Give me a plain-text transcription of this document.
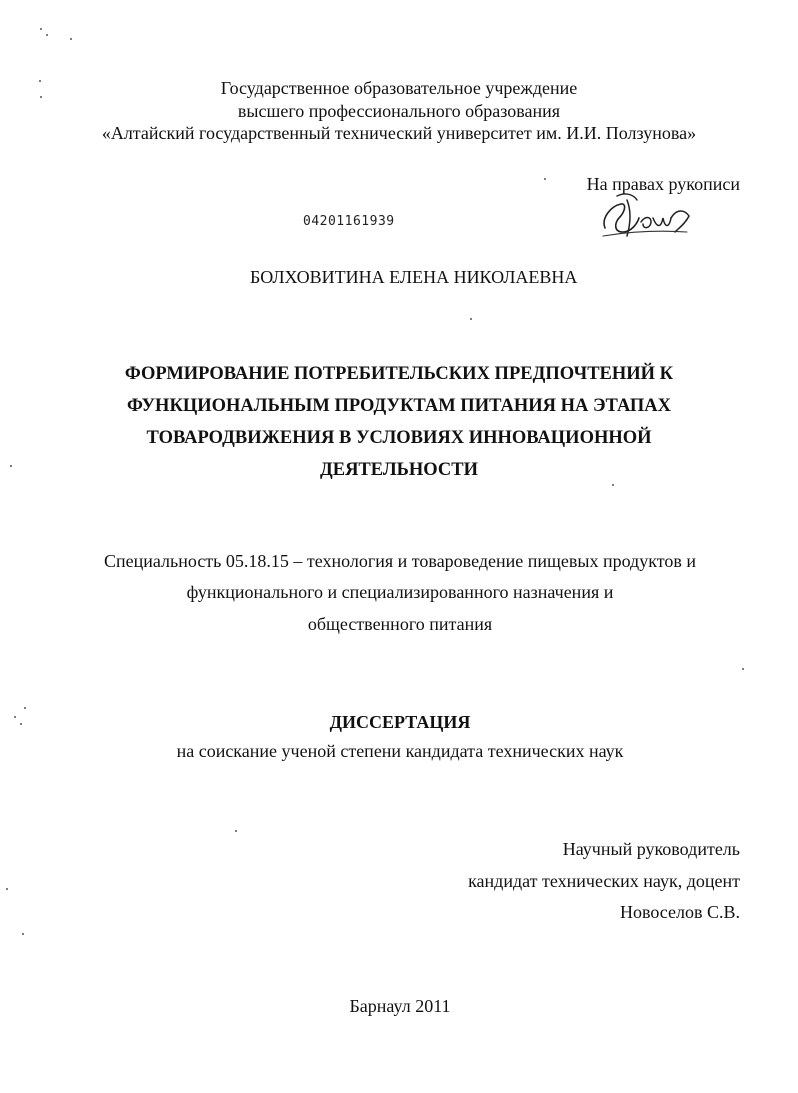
Государственное образовательное учреждение
высшего профессионального образования
«Алтайский государственный технический университет им. И.И. Ползунова»
На правах рукописи
04201161939
БОЛХОВИТИНА ЕЛЕНА НИКОЛАЕВНА
ФОРМИРОВАНИЕ ПОТРЕБИТЕЛЬСКИХ ПРЕДПОЧТЕНИЙ К
ФУНКЦИОНАЛЬНЫМ ПРОДУКТАМ ПИТАНИЯ НА ЭТАПАХ
ТОВАРОДВИЖЕНИЯ В УСЛОВИЯХ ИННОВАЦИОННОЙ
ДЕЯТЕЛЬНОСТИ
Специальность 05.18.15 – технология и товароведение пищевых продуктов и
функционального и специализированного назначения и
общественного питания
ДИССЕРТАЦИЯ
на соискание ученой степени кандидата технических наук
Научный руководитель
кандидат технических наук, доцент
Новоселов С.В.
Барнаул 2011
